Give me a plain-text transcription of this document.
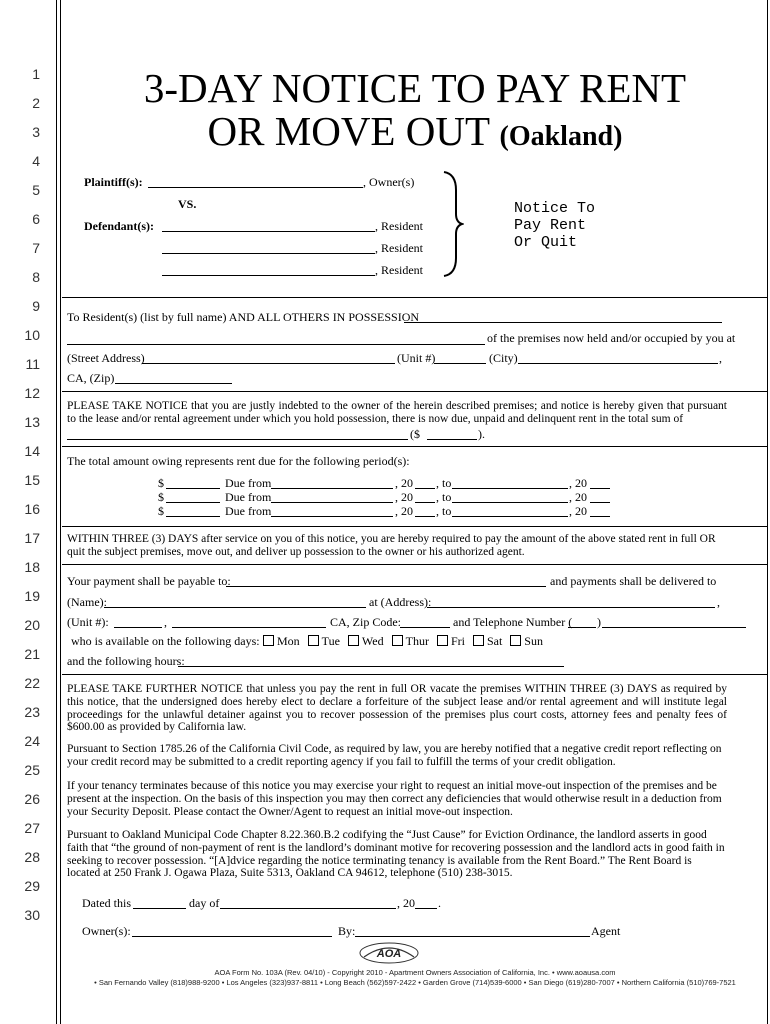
1
2
3
4
5
6
7
8
9
10
11
12
13
14
15
16
17
18
19
20
21
22
23
24
25
26
27
28
29
30
3-DAY NOTICE TO PAY RENT
OR MOVE OUT (Oakland)
Plaintiff(s):	, Owner(s)
VS.
Defendant(s):	, Resident
, Resident
, Resident
Notice To
Pay Rent
Or Quit
To Resident(s) (list by full name) AND ALL OTHERS IN POSSESSION
of the premises now held and/or occupied by you at
(Street Address)	(Unit #)	(City)	,
CA, (Zip)
PLEASE TAKE NOTICE that you are justly indebted to the owner of the herein described premises; and notice is hereby given that pursuant to the lease and/or rental agreement under which you hold possession, there is now due, unpaid and delinquent rent in the total sum of
($	).
The total amount owing represents rent due for the following period(s):
$	Due from	, 20 , to	, 20
$	Due from	, 20 , to	, 20
$	Due from	, 20 , to	, 20
WITHIN THREE (3) DAYS after service on you of this notice, you are hereby required to pay the amount of the above stated rent in full OR quit the subject premises, move out, and deliver up possession to the owner or his authorized agent.
Your payment shall be payable to:	and payments shall be delivered to
(Name):	at (Address):	,
(Unit #):	,	CA, Zip Code:	and Telephone Number ( )
who is available on the following days:	Mon Tue Wed Thur Fri Sat Sun
and the following hours:
PLEASE TAKE FURTHER NOTICE that unless you pay the rent in full OR vacate the premises WITHIN THREE (3) DAYS as required by this notice, that the undersigned does hereby elect to declare a forfeiture of the subject lease and/or rental agreement and will institute legal proceedings for the unlawful detainer against you to recover possession of the premises plus court costs, attorney fees and penalty fees of $600.00 as provided by California law.
Pursuant to Section 1785.26 of the California Civil Code, as required by law, you are hereby notified that a negative credit report reflecting on your credit record may be submitted to a credit reporting agency if you fail to fulfill the terms of your credit obligation.
If your tenancy terminates because of this notice you may exercise your right to request an initial move-out inspection of the premises and be present at the inspection. On the basis of this inspection you may then correct any deficiencies that would otherwise result in a deduction from your Security Deposit. Please contact the Owner/Agent to request an initial move-out inspection.
Pursuant to Oakland Municipal Code Chapter 8.22.360.B.2 codifying the “Just Cause” for Eviction Ordinance, the landlord asserts in good faith that “the ground of non-payment of rent is the landlord’s dominant motive for recovering possession and the landlord acts in good faith in seeking to recover possession. “[A]dvice regarding the notice terminating tenancy is available from the Rent Board.” The Rent Board is located at 250 Frank J. Ogawa Plaza, Suite 5313, Oakland CA 94612, telephone (510) 238-3015.
Dated this	day of	, 20 .
Owner(s):	By:	Agent
AOA
AOA Form No. 103A (Rev. 04/10) - Copyright 2010 - Apartment Owners Association of California, Inc. • www.aoausa.com
• San Fernando Valley (818)988-9200 • Los Angeles (323)937-8811 • Long Beach (562)597-2422 • Garden Grove (714)539-6000 • San Diego (619)280-7007 • Northern California (510)769-7521
